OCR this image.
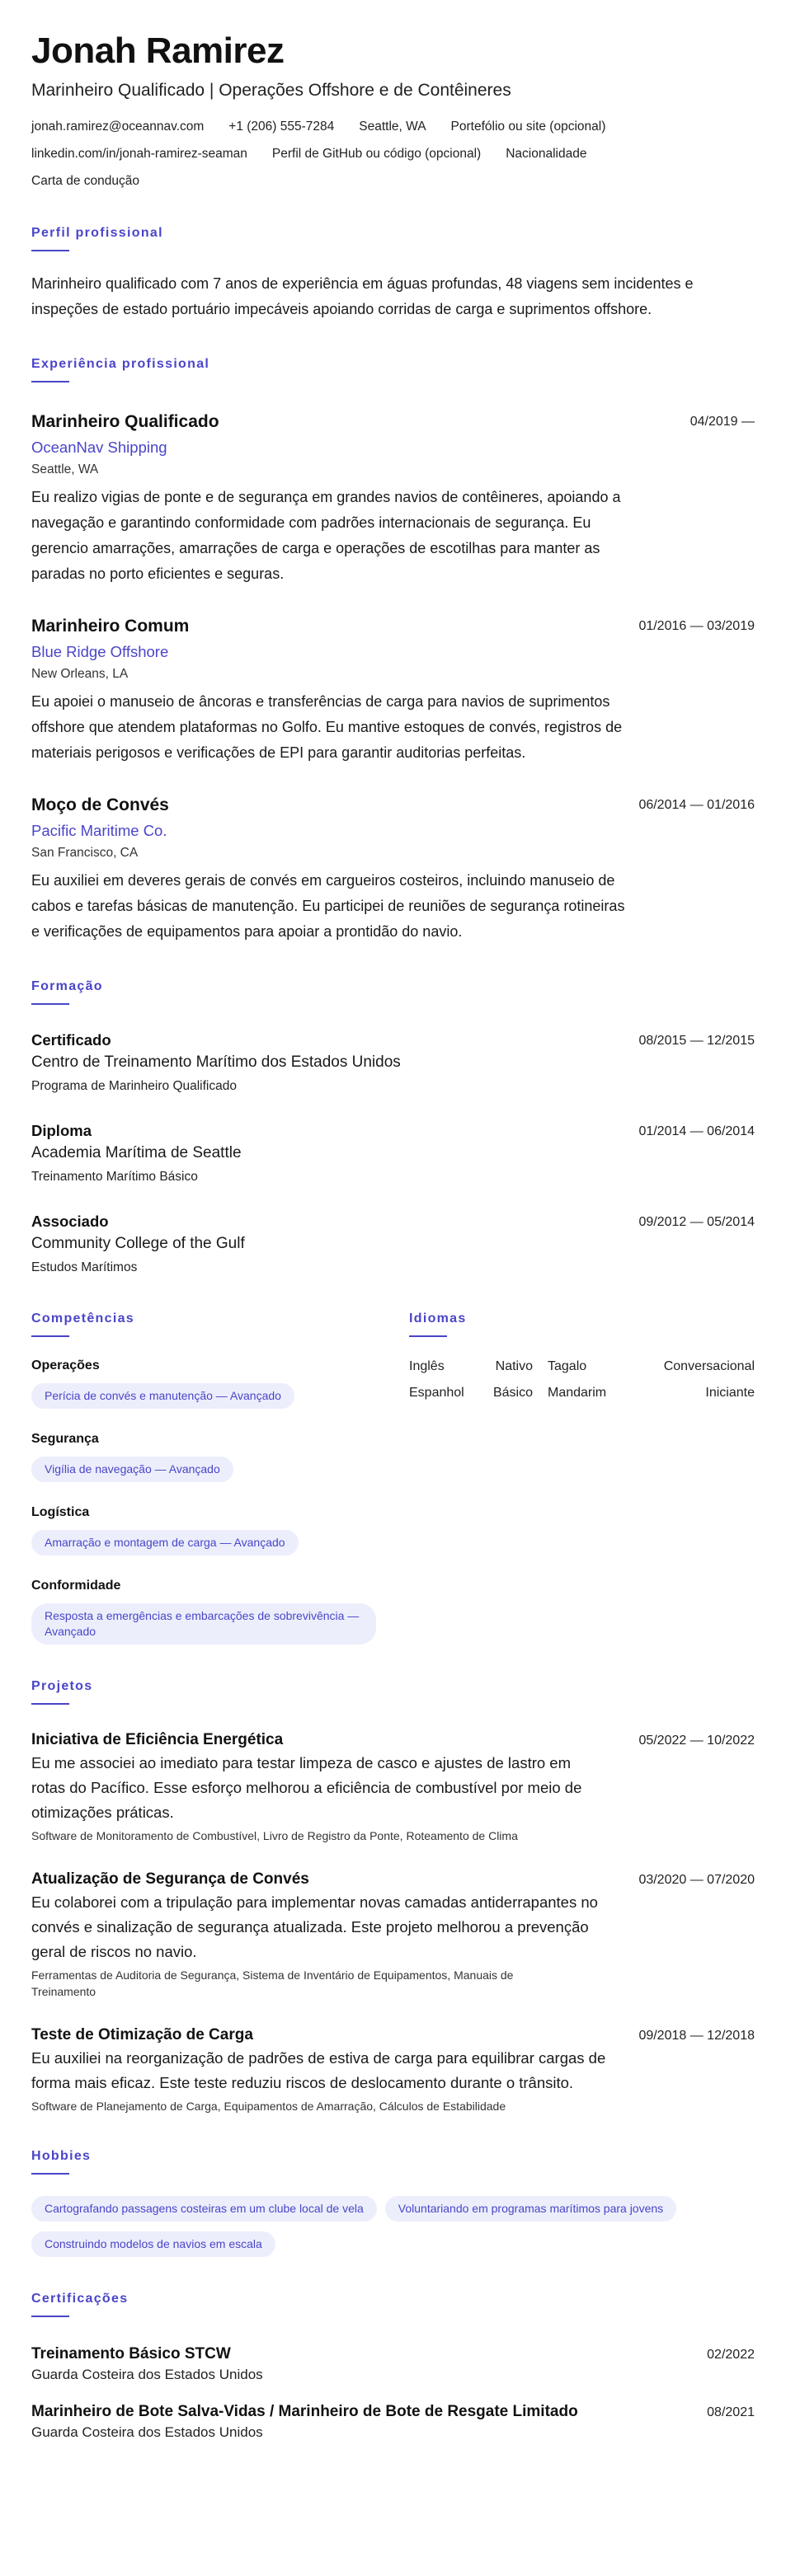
Jonah Ramirez
Marinheiro Qualificado | Operações Offshore e de Contêineres
jonah.ramirez@oceannav.com +1 (206) 555-7284 Seattle, WA Portefólio ou site (opcional)
linkedin.com/in/jonah-ramirez-seaman Perfil de GitHub ou código (opcional) Nacionalidade
Carta de condução
Perfil profissional
Marinheiro qualificado com 7 anos de experiência em águas profundas, 48 viagens sem incidentes e inspeções de estado portuário impecáveis apoiando corridas de carga e suprimentos offshore.
Experiência profissional
Marinheiro Qualificado	04/2019 —
OceanNav Shipping
Seattle, WA
Eu realizo vigias de ponte e de segurança em grandes navios de contêineres, apoiando a navegação e garantindo conformidade com padrões internacionais de segurança. Eu gerencio amarrações, amarrações de carga e operações de escotilhas para manter as paradas no porto eficientes e seguras.
Marinheiro Comum	01/2016 — 03/2019
Blue Ridge Offshore
New Orleans, LA
Eu apoiei o manuseio de âncoras e transferências de carga para navios de suprimentos offshore que atendem plataformas no Golfo. Eu mantive estoques de convés, registros de materiais perigosos e verificações de EPI para garantir auditorias perfeitas.
Moço de Convés	06/2014 — 01/2016
Pacific Maritime Co.
San Francisco, CA
Eu auxiliei em deveres gerais de convés em cargueiros costeiros, incluindo manuseio de cabos e tarefas básicas de manutenção. Eu participei de reuniões de segurança rotineiras e verificações de equipamentos para apoiar a prontidão do navio.
Formação
Certificado	08/2015 — 12/2015
Centro de Treinamento Marítimo dos Estados Unidos
Programa de Marinheiro Qualificado
Diploma	01/2014 — 06/2014
Academia Marítima de Seattle
Treinamento Marítimo Básico
Associado	09/2012 — 05/2014
Community College of the Gulf
Estudos Marítimos
Competências
Operações
Perícia de convés e manutenção — Avançado
Segurança
Vigília de navegação — Avançado
Logística
Amarração e montagem de carga — Avançado
Conformidade
Resposta a emergências e embarcações de sobrevivência — Avançado
Idiomas
Inglês	Nativo Tagalo	Conversacional
Espanhol	Básico Mandarim	Iniciante
Projetos
Iniciativa de Eficiência Energética	05/2022 — 10/2022
Eu me associei ao imediato para testar limpeza de casco e ajustes de lastro em rotas do Pacífico. Esse esforço melhorou a eficiência de combustível por meio de otimizações práticas.
Software de Monitoramento de Combustível, Livro de Registro da Ponte, Roteamento de Clima
Atualização de Segurança de Convés	03/2020 — 07/2020
Eu colaborei com a tripulação para implementar novas camadas antiderrapantes no convés e sinalização de segurança atualizada. Este projeto melhorou a prevenção geral de riscos no navio.
Ferramentas de Auditoria de Segurança, Sistema de Inventário de Equipamentos, Manuais de Treinamento
Teste de Otimização de Carga	09/2018 — 12/2018
Eu auxiliei na reorganização de padrões de estiva de carga para equilibrar cargas de forma mais eficaz. Este teste reduziu riscos de deslocamento durante o trânsito.
Software de Planejamento de Carga, Equipamentos de Amarração, Cálculos de Estabilidade
Hobbies
Cartografando passagens costeiras em um clube local de vela	Voluntariando em programas marítimos para jovens
Construindo modelos de navios em escala
Certificações
Treinamento Básico STCW	02/2022
Guarda Costeira dos Estados Unidos
Marinheiro de Bote Salva-Vidas / Marinheiro de Bote de Resgate Limitado	08/2021
Guarda Costeira dos Estados Unidos
